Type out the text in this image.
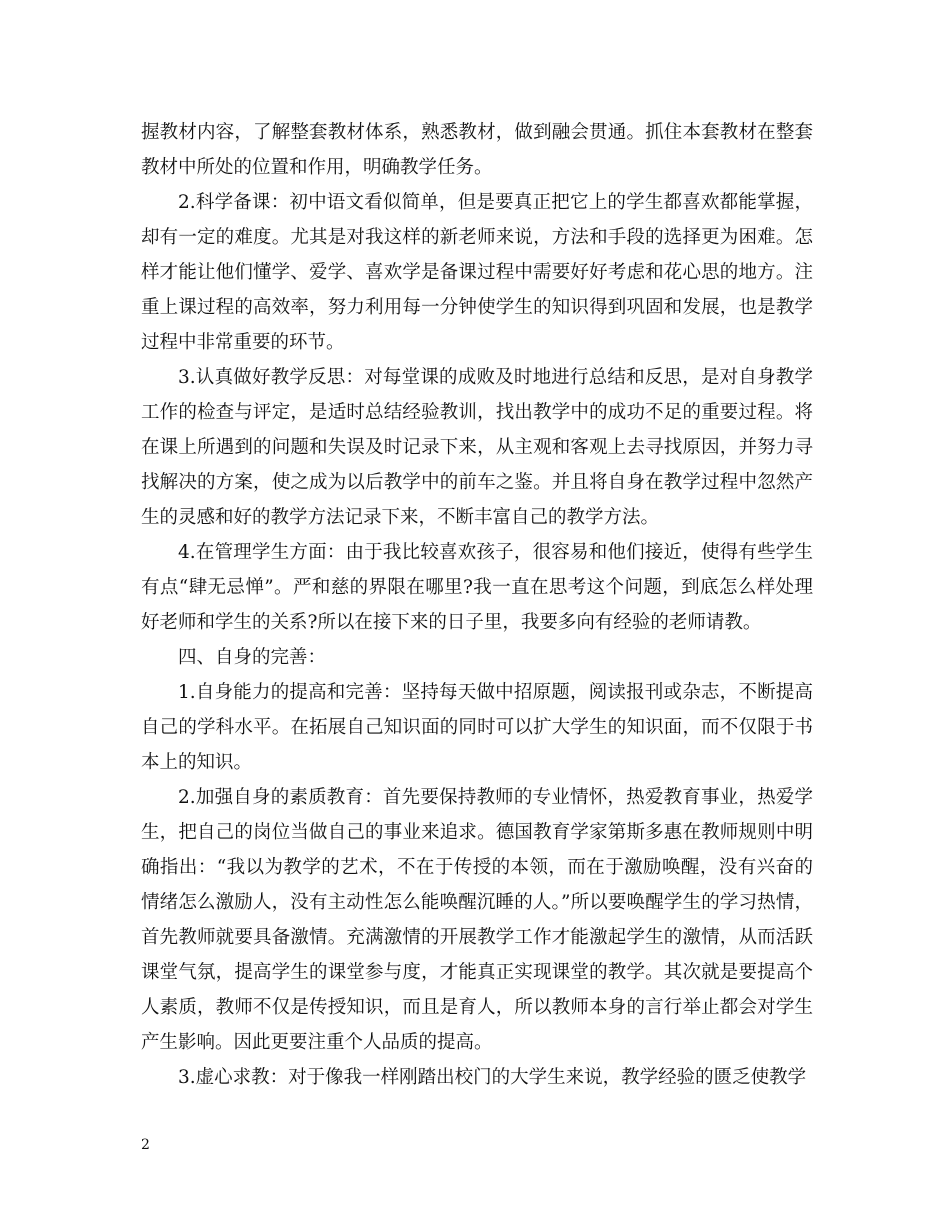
握教材内容，了解整套教材体系，熟悉教材，做到融会贯通。抓住本套教材在整套教材中所处的位置和作用，明确教学任务。

2.科学备课：初中语文看似简单，但是要真正把它上的学生都喜欢都能掌握，却有一定的难度。尤其是对我这样的新老师来说，方法和手段的选择更为困难。怎样才能让他们懂学、爱学、喜欢学是备课过程中需要好好考虑和花心思的地方。注重上课过程的高效率，努力利用每一分钟使学生的知识得到巩固和发展，也是教学过程中非常重要的环节。

3.认真做好教学反思：对每堂课的成败及时地进行总结和反思，是对自身教学工作的检查与评定，是适时总结经验教训，找出教学中的成功不足的重要过程。将在课上所遇到的问题和失误及时记录下来，从主观和客观上去寻找原因，并努力寻找解决的方案，使之成为以后教学中的前车之鉴。并且将自身在教学过程中忽然产生的灵感和好的教学方法记录下来，不断丰富自己的教学方法。

4.在管理学生方面：由于我比较喜欢孩子，很容易和他们接近，使得有些学生有点“肆无忌惮”。严和慈的界限在哪里?我一直在思考这个问题，到底怎么样处理好老师和学生的关系?所以在接下来的日子里，我要多向有经验的老师请教。

四、自身的完善：

1.自身能力的提高和完善：坚持每天做中招原题，阅读报刊或杂志，不断提高自己的学科水平。在拓展自己知识面的同时可以扩大学生的知识面，而不仅限于书本上的知识。

2.加强自身的素质教育：首先要保持教师的专业情怀，热爱教育事业，热爱学生，把自己的岗位当做自己的事业来追求。德国教育学家第斯多惠在教师规则中明确指出：“我以为教学的艺术，不在于传授的本领，而在于激励唤醒，没有兴奋的情绪怎么激励人，没有主动性怎么能唤醒沉睡的人。”所以要唤醒学生的学习热情，首先教师就要具备激情。充满激情的开展教学工作才能激起学生的激情，从而活跃课堂气氛，提高学生的课堂参与度，才能真正实现课堂的教学。其次就是要提高个人素质，教师不仅是传授知识，而且是育人，所以教师本身的言行举止都会对学生产生影响。因此更要注重个人品质的提高。

3.虚心求教：对于像我一样刚踏出校门的大学生来说，教学经验的匮乏使教学

2
